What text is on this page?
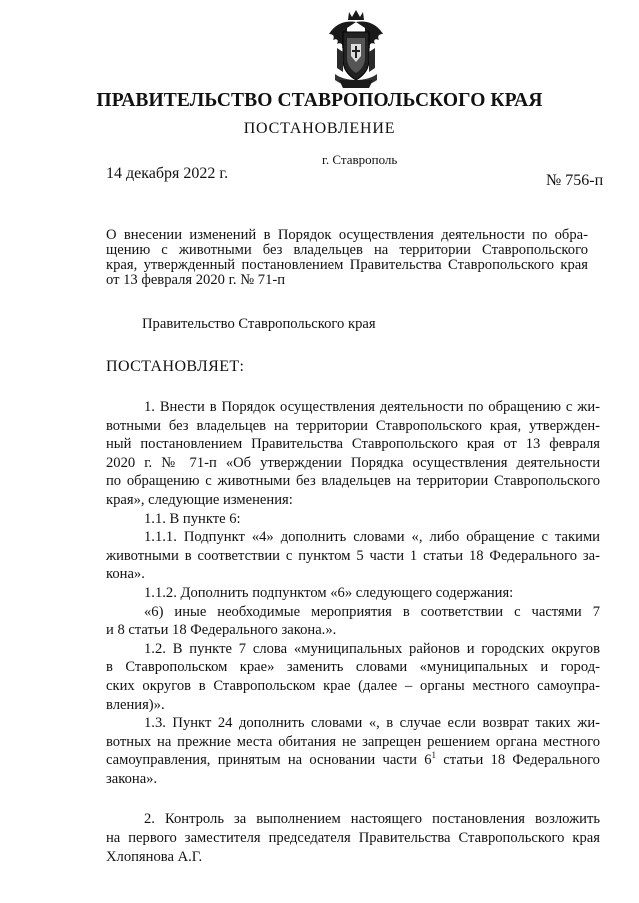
ПРАВИТЕЛЬСТВО СТАВРОПОЛЬСКОГО КРАЯ
ПОСТАНОВЛЕНИЕ
г. Ставрополь
14 декабря 2022 г.	№ 756-п
О внесении изменений в Порядок осуществления деятельности по обра-
щению с животными без владельцев на территории Ставропольского
края, утвержденный постановлением Правительства Ставропольского края
от 13 февраля 2020 г. № 71-п
Правительство Ставропольского края
ПОСТАНОВЛЯЕТ:
1. Внести в Порядок осуществления деятельности по обращению с жи-
вотными без владельцев на территории Ставропольского края, утвержден-
ный постановлением Правительства Ставропольского края от 13 февраля
2020 г. № 71-п «Об утверждении Порядка осуществления деятельности
по обращению с животными без владельцев на территории Ставропольского
края», следующие изменения:
1.1. В пункте 6:
1.1.1. Подпункт «4» дополнить словами «, либо обращение с такими
животными в соответствии с пунктом 5 части 1 статьи 18 Федерального за-
кона».
1.1.2. Дополнить подпунктом «6» следующего содержания:
«6) иные необходимые мероприятия в соответствии с частями 7
и 8 статьи 18 Федерального закона.».
1.2. В пункте 7 слова «муниципальных районов и городских округов
в Ставропольском крае» заменить словами «муниципальных и город-
ских округов в Ставропольском крае (далее – органы местного самоупра-
вления)».
1.3. Пункт 24 дополнить словами «, в случае если возврат таких жи-
вотных на прежние места обитания не запрещен решением органа местного
самоуправления, принятым на основании части $6^1$ статьи 18 Федерального
закона».
2. Контроль за выполнением настоящего постановления возложить
на первого заместителя председателя Правительства Ставропольского края
Хлопянова А.Г.
